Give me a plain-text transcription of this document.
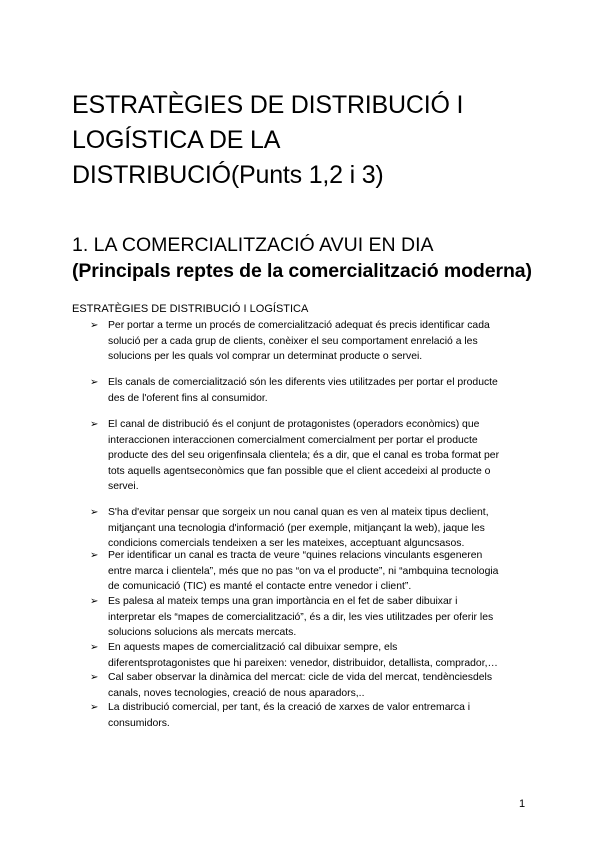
ESTRATÈGIES DE DISTRIBUCIÓ I
LOGÍSTICA DE LA
DISTRIBUCIÓ(Punts 1,2 i 3)
1. LA COMERCIALITZACIÓ AVUI EN DIA
(Principals reptes de la comercialització moderna)
ESTRATÈGIES DE DISTRIBUCIÓ I LOGÍSTICA
➢ Per portar a terme un procés de comercialització adequat és precis identificar cada
solució per a cada grup de clients, conèixer el seu comportament enrelació a les
solucions per les quals vol comprar un determinat producte o servei.
➢ Els canals de comercialització són les diferents vies utilitzades per portar el producte
des de l'oferent fins al consumidor.
➢ El canal de distribució és el conjunt de protagonistes (operadors econòmics) que
interaccionen interaccionen comercialment comercialment per portar el producte
producte des del seu origenfinsala clientela; és a dir, que el canal es troba format per
tots aquells agentseconòmics que fan possible que el client accedeixi al producte o
servei.
➢ S'ha d'evitar pensar que sorgeix un nou canal quan es ven al mateix tipus declient,
mitjançant una tecnologia d'informació (per exemple, mitjançant la web), jaque les
condicions comercials tendeixen a ser les mateixes, acceptuant alguncsasos.
➢ Per identificar un canal es tracta de veure “quines relacions vinculants esgeneren
entre marca i clientela”, més que no pas “on va el producte”, ni “ambquina tecnologia
de comunicació (TIC) es manté el contacte entre venedor i client”.
➢ Es palesa al mateix temps una gran importància en el fet de saber dibuixar i
interpretar els “mapes de comercialització”, és a dir, les vies utilitzades per oferir les
solucions solucions als mercats mercats.
➢ En aquests mapes de comercialització cal dibuixar sempre, els
diferentsprotagonistes que hi pareixen: venedor, distribuidor, detallista, comprador,…
➢ Cal saber observar la dinàmica del mercat: cicle de vida del mercat, tendènciesdels
canals, noves tecnologies, creació de nous aparadors,..
➢ La distribució comercial, per tant, és la creació de xarxes de valor entremarca i
consumidors.
1
